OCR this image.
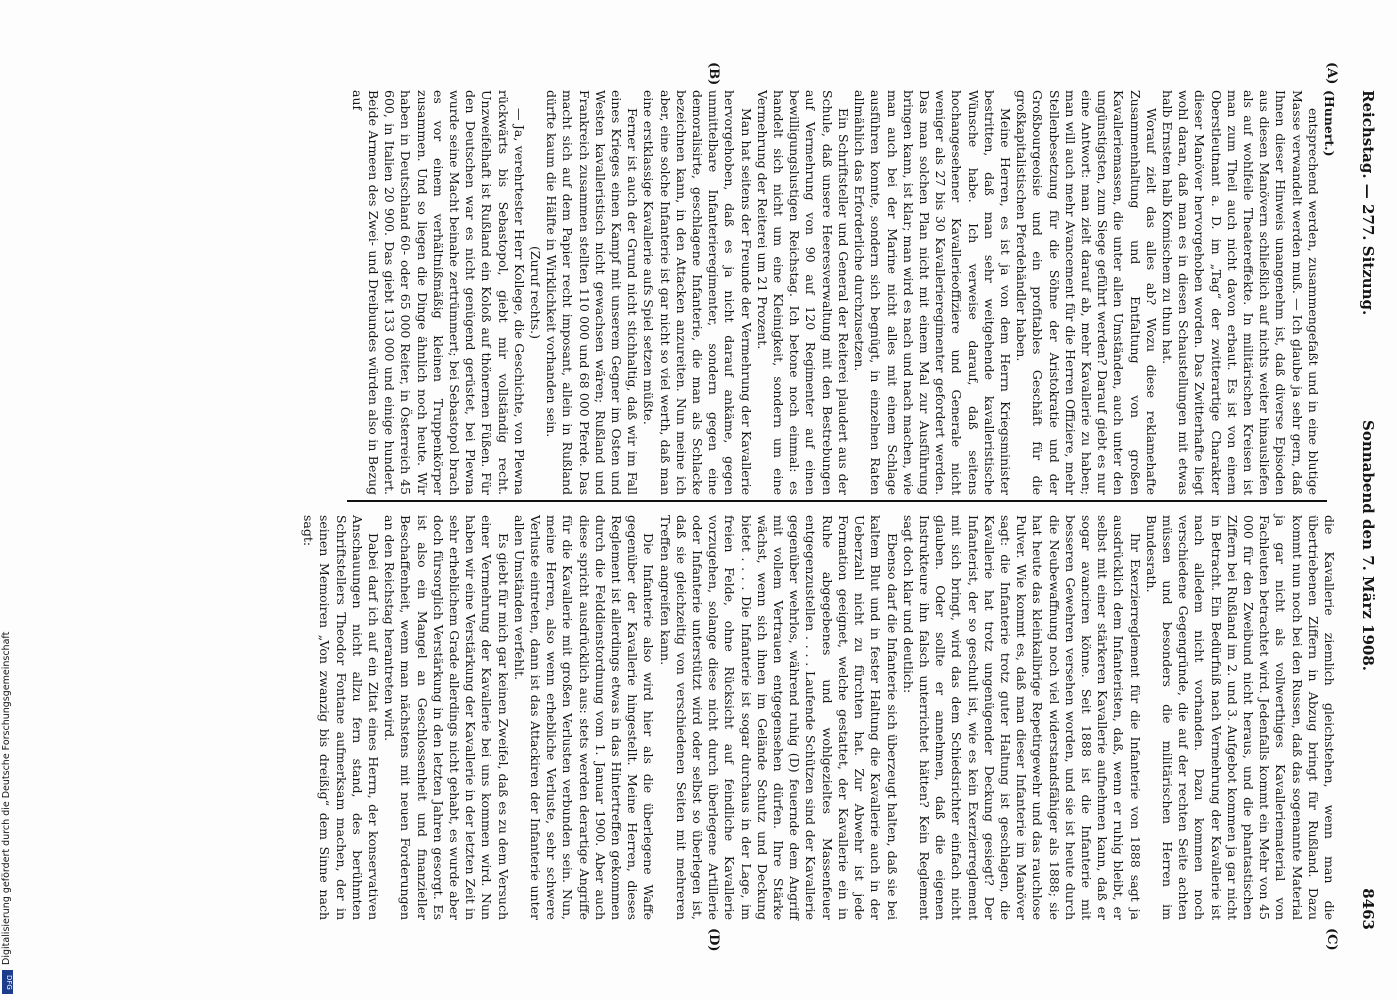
Reichstag. — 277. Sitzung.
Sonnabend den 7. März 1908.
8463
(A)
(B)
(C)
(D)

(Hunert.)

entsprechend werden, zusammengefaßt und in eine blutige Masse verwandelt werden muß. — Ich glaube ja sehr gern, daß Ihnen dieser Hinweis unangenehm ist, daß diverse Episoden aus diesen Manövern schließlich auf nichts weiter hinausliefen als auf wohlfeile Theatereffekte. In militärischen Kreisen ist man zum Theil auch nicht davon erbaut. Es ist von einem Oberstleutnant a. D. im „Tag“ der zwitterartige Charakter dieser Manöver hervorgehoben worden. Das Zwitterhafte liegt wohl daran, daß man es in diesen Schaustellungen mit etwas halb Ernstem halb Komischem zu thun hat.

Worauf zielt das alles ab? Wozu diese reklamehafte Zusammenhaltung und Entfaltung von großen Kavalleriemassen, die unter allen Umständen, auch unter den ungünstigsten, zum Siege geführt werden? Darauf giebt es nur eine Antwort: man zielt darauf ab, mehr Kavallerie zu haben; man will auch mehr Avancement für die Herren Offiziere, mehr Stellenbesetzung für die Söhne der Aristokratie und der Großbourgeoisie und ein profitables Geschäft für die großkapitalistischen Pferdehändler haben.

Meine Herren, es ist ja von dem Herrn Kriegsminister bestritten, daß man sehr weitgehende kavalleristische Wünsche habe. Ich verweise darauf, daß seitens hochangesehener Kavallerieoffiziere und Generale nicht weniger als 27 bis 30 Kavallerieregimenter gefordert werden. Das man solchen Plan nicht mit einem Mal zur Ausführung bringen kann, ist klar; man wird es nach und nach machen, wie man auch bei der Marine nicht alles mit einem Schlage ausführen konnte, sondern sich begnügt, in einzelnen Raten allmählich das Erforderliche durchzusetzen.

Ein Schriftsteller und General der Reiterei plaudert aus der Schule, daß unsere Heeresverwaltung mit den Bestrebungen auf Vermehrung von 90 auf 120 Regimenter auf einen bewilligungslustigen Reichstag. Ich betone noch einmal: es handelt sich nicht um eine Kleinigkeit, sondern um eine Vermehrung der Reiterei um 21 Prozent.

Man hat seitens der Freunde der Vermehrung der Kavallerie hervorgehoben, daß es ja nicht darauf ankäme, gegen unmittelbare Infanterieregimenter, sondern gegen eine demoralisirte, geschlagene Infanterie, die man als Schlacke bezeichnen kann, in den Attacken anzureiten. Nun meine ich aber, eine solche Infanterie ist gar nicht so viel werth, daß man eine erstklassige Kavallerie aufs Spiel setzen müßte.

Ferner ist auch der Grund nicht stichhaltig, daß wir im Fall eines Krieges einen Kampf mit unserem Gegner im Osten und Westen kavalleristisch nicht gewachsen wären; Rußland und Frankreich zusammen stellten 110 000 und 68 000 Pferde. Das macht sich auf dem Papier recht imposant, allein in Rußland dürfte kaum die Hälfte in Wirklichkeit vorhanden sein.

(Zuruf rechts.)

— Ja, verehrtester Herr Kollege, die Geschichte, von Plewna rückwärts bis Sebastopol, giebt mir vollständig recht. Unzweifelhaft ist Rußland ein Koloß auf thönernen Füßen. Für den Deutschen war es nicht genügend gerüstet, bei Plewna wurde seine Macht beinahe zertrümmert; bei Sebastopol brach es vor einem verhältnißmäßig kleinen Truppenkörper zusammen. Und so liegen die Dinge ähnlich noch heute. Wir haben in Deutschland 60- oder 65 000 Reiter, in Österreich 45 600, in Italien 20 900. Das giebt 133 000 und einige hundert. Beide Armeen des Zwei- und Dreibundes würden also in Bezug auf

die Kavallerie ziemlich gleichstehen, wenn man die übertriebenen Ziffern in Abzug bringt für Rußland. Dazu kommt nun noch bei den Russen, daß das sogenannte Material ja gar nicht als vollwerthiges Kavalleriematerial von Fachleuten betrachtet wird. Jedenfalls kommt ein Mehr von 45 000 für den Zweibund nicht heraus, und die phantastischen Ziffern bei Rußland im 2. und 3. Aufgebot kommen ja gar nicht in Betracht. Ein Bedürfniß nach Vermehrung der Kavallerie ist nach alledem nicht vorhanden. Dazu kommen noch verschiedene Gegengründe, die auf der rechten Seite achten müssen und besonders die militärischen Herren im Bundesrath.

Ihr Exerzierreglement für die Infanterie von 1888 sagt ja ausdrücklich dem Infanteristen, daß, wenn er ruhig bleibt, er selbst mit einer stärkeren Kavallerie aufnehmen kann, daß er sogar avanciren könne. Seit 1888 ist die Infanterie mit besseren Gewehren versehen worden, und sie ist heute durch die Neubewaffnung noch viel widerstandsfähiger als 1888; sie hat heute das kleinkalibrige Repetirgewehr und das rauchlose Pulver. Wie kommt es, daß man dieser Infanterie im Manöver sagt: die Infanterie trotz guter Haltung ist geschlagen, die Kavallerie hat trotz ungenügender Deckung gesiegt? Der Infanterist, der so geschult ist, wie es kein Exerzierreglement mit sich bringt, wird das dem Schiedsrichter einfach nicht glauben. Oder sollte er annehmen, daß die eigenen Instrukteure ihn falsch unterrichtet hätten? Kein Reglement sagt doch klar und deutlich:

Ebenso darf die Infanterie sich überzeugt halten, daß sie bei kaltem Blut und in fester Haltung die Kavallerie auch in der Ueberzahl nicht zu fürchten hat. Zur Abwehr ist jede Formation geeignet, welche gestattet, der Kavallerie ein in Ruhe abgegebenes und wohlgezieltes Massenfeuer entgegenzustellen . . . . Laufende Schützen sind der Kavallerie gegenüber wehrlos, während ruhig (D) feuernde dem Angriff mit vollem Vertrauen entgegensehen dürfen. Ihre Stärke wächst, wenn sich ihnen im Gelände Schutz und Deckung bietet . . . . Die Infanterie ist sogar durchaus in der Lage, im freien Felde, ohne Rücksicht auf feindliche Kavallerie vorzugehen, solange diese nicht durch überlegene Artillerie oder Infanterie unterstützt wird oder selbst so überlegen ist, daß sie gleichzeitig von verschiedenen Seiten mit mehreren Treffen angreifen kann.

Die Infanterie also wird hier als die überlegene Waffe gegenüber der Kavallerie hingestellt. Meine Herren, dieses Reglement ist allerdings etwas in das Hintertreffen gekommen durch die Felddienstordnung vom 1. Januar 1900. Aber auch diese spricht ausdrücklich aus: stets werden derartige Angriffe für die Kavallerie mit großen Verlusten verbunden sein. Nun, meine Herren, also wenn erhebliche Verluste, sehr schwere Verluste eintreten, dann ist das Attackiren der Infanterie unter allen Umständen verfehlt.

Es giebt für mich gar keinen Zweifel, daß es zu dem Versuch einer Vermehrung der Kavallerie bei uns kommen wird. Nun haben wir eine Verstärkung der Kavallerie in der letzten Zeit in sehr erheblichem Grade allerdings nicht gehabt, es wurde aber doch fürsorglich Verstärkung in den letzten Jahren gesorgt. Es ist also ein Mangel an Geschlossenheit und finanzieller Beschaffenheit, wenn man nächstens mit neuen Forderungen an den Reichstag herantreten wird.

Dabei darf ich auf ein Zitat eines Herrn, der konservativen Anschauungen nicht allzu fern stand, des berühmten Schriftstellers Theodor Fontane aufmerksam machen, der in seinen Memoiren „Von zwanzig bis dreißig“ dem Sinne nach sagt:

Digitalisierung gefördert durch die Deutsche Forschungsgemeinschaft
DFG
